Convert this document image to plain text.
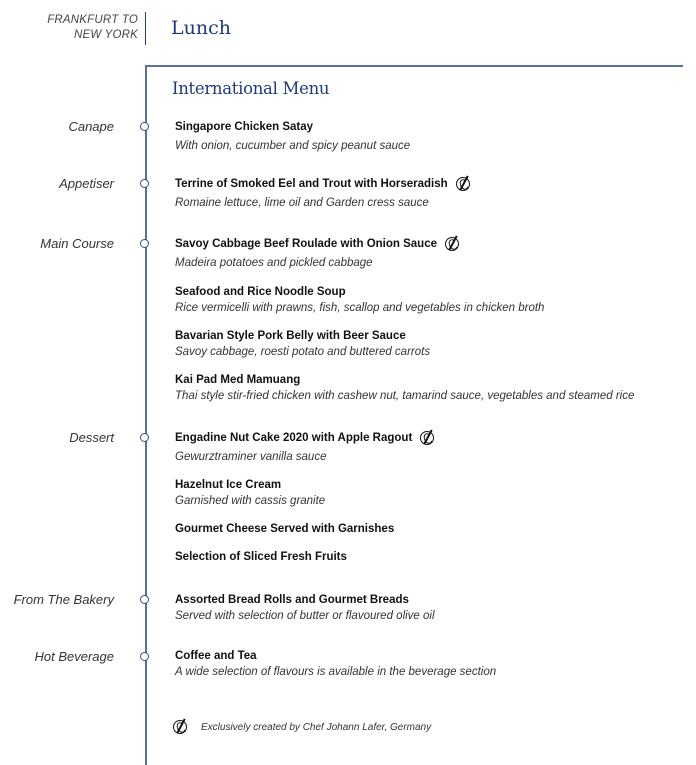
FRANKFURT TO
NEW YORK Lunch
International Menu
Canape
Appetiser
Main Course
Dessert
From The Bakery
Hot Beverage
Singapore Chicken Satay
With onion, cucumber and spicy peanut sauce
Terrine of Smoked Eel and Trout with Horseradish
Romaine lettuce, lime oil and Garden cress sauce
Savoy Cabbage Beef Roulade with Onion Sauce
Madeira potatoes and pickled cabbage
Seafood and Rice Noodle Soup
Rice vermicelli with prawns, fish, scallop and vegetables in chicken broth
Bavarian Style Pork Belly with Beer Sauce
Savoy cabbage, roesti potato and buttered carrots
Kai Pad Med Mamuang
Thai style stir-fried chicken with cashew nut, tamarind sauce, vegetables and steamed rice
Engadine Nut Cake 2020 with Apple Ragout
Gewurztraminer vanilla sauce
Hazelnut Ice Cream
Garnished with cassis granite
Gourmet Cheese Served with Garnishes
Selection of Sliced Fresh Fruits
Assorted Bread Rolls and Gourmet Breads
Served with selection of butter or flavoured olive oil
Coffee and Tea
A wide selection of flavours is available in the beverage section
Exclusively created by Chef Johann Lafer, Germany
